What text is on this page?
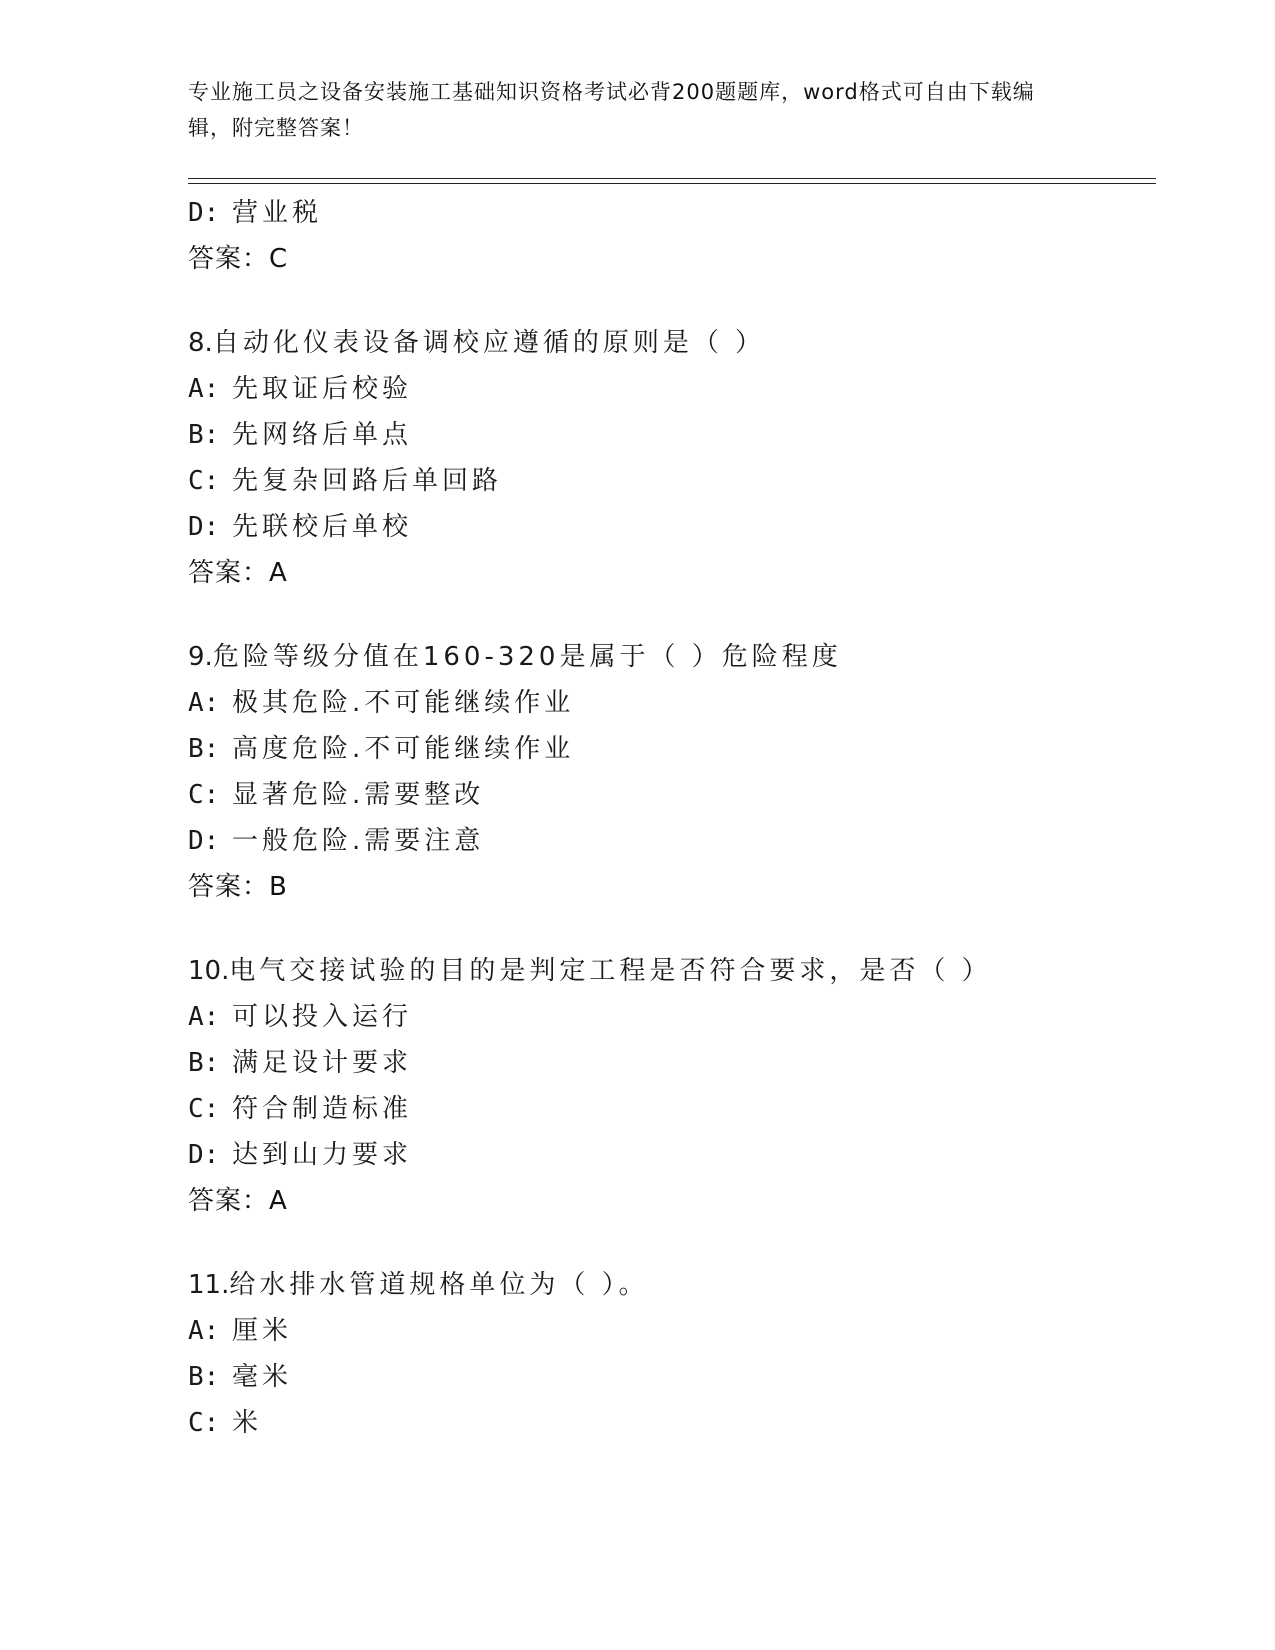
专业施工员之设备安装施工基础知识资格考试必背200题题库，word格式可自由下载编辑，附完整答案！
D: 营业税
答案：C
8.自动化仪表设备调校应遵循的原则是（ ）
A: 先取证后校验
B: 先网络后单点
C: 先复杂回路后单回路
D: 先联校后单校
答案：A
9.危险等级分值在160-320是属于（ ）危险程度
A: 极其危险.不可能继续作业
B: 高度危险.不可能继续作业
C: 显著危险.需要整改
D: 一般危险.需要注意
答案：B
10.电气交接试验的目的是判定工程是否符合要求，是否（ ）
A: 可以投入运行
B: 满足设计要求
C: 符合制造标准
D: 达到山力要求
答案：A
11.给水排水管道规格单位为（ ）。
A: 厘米
B: 毫米
C: 米
